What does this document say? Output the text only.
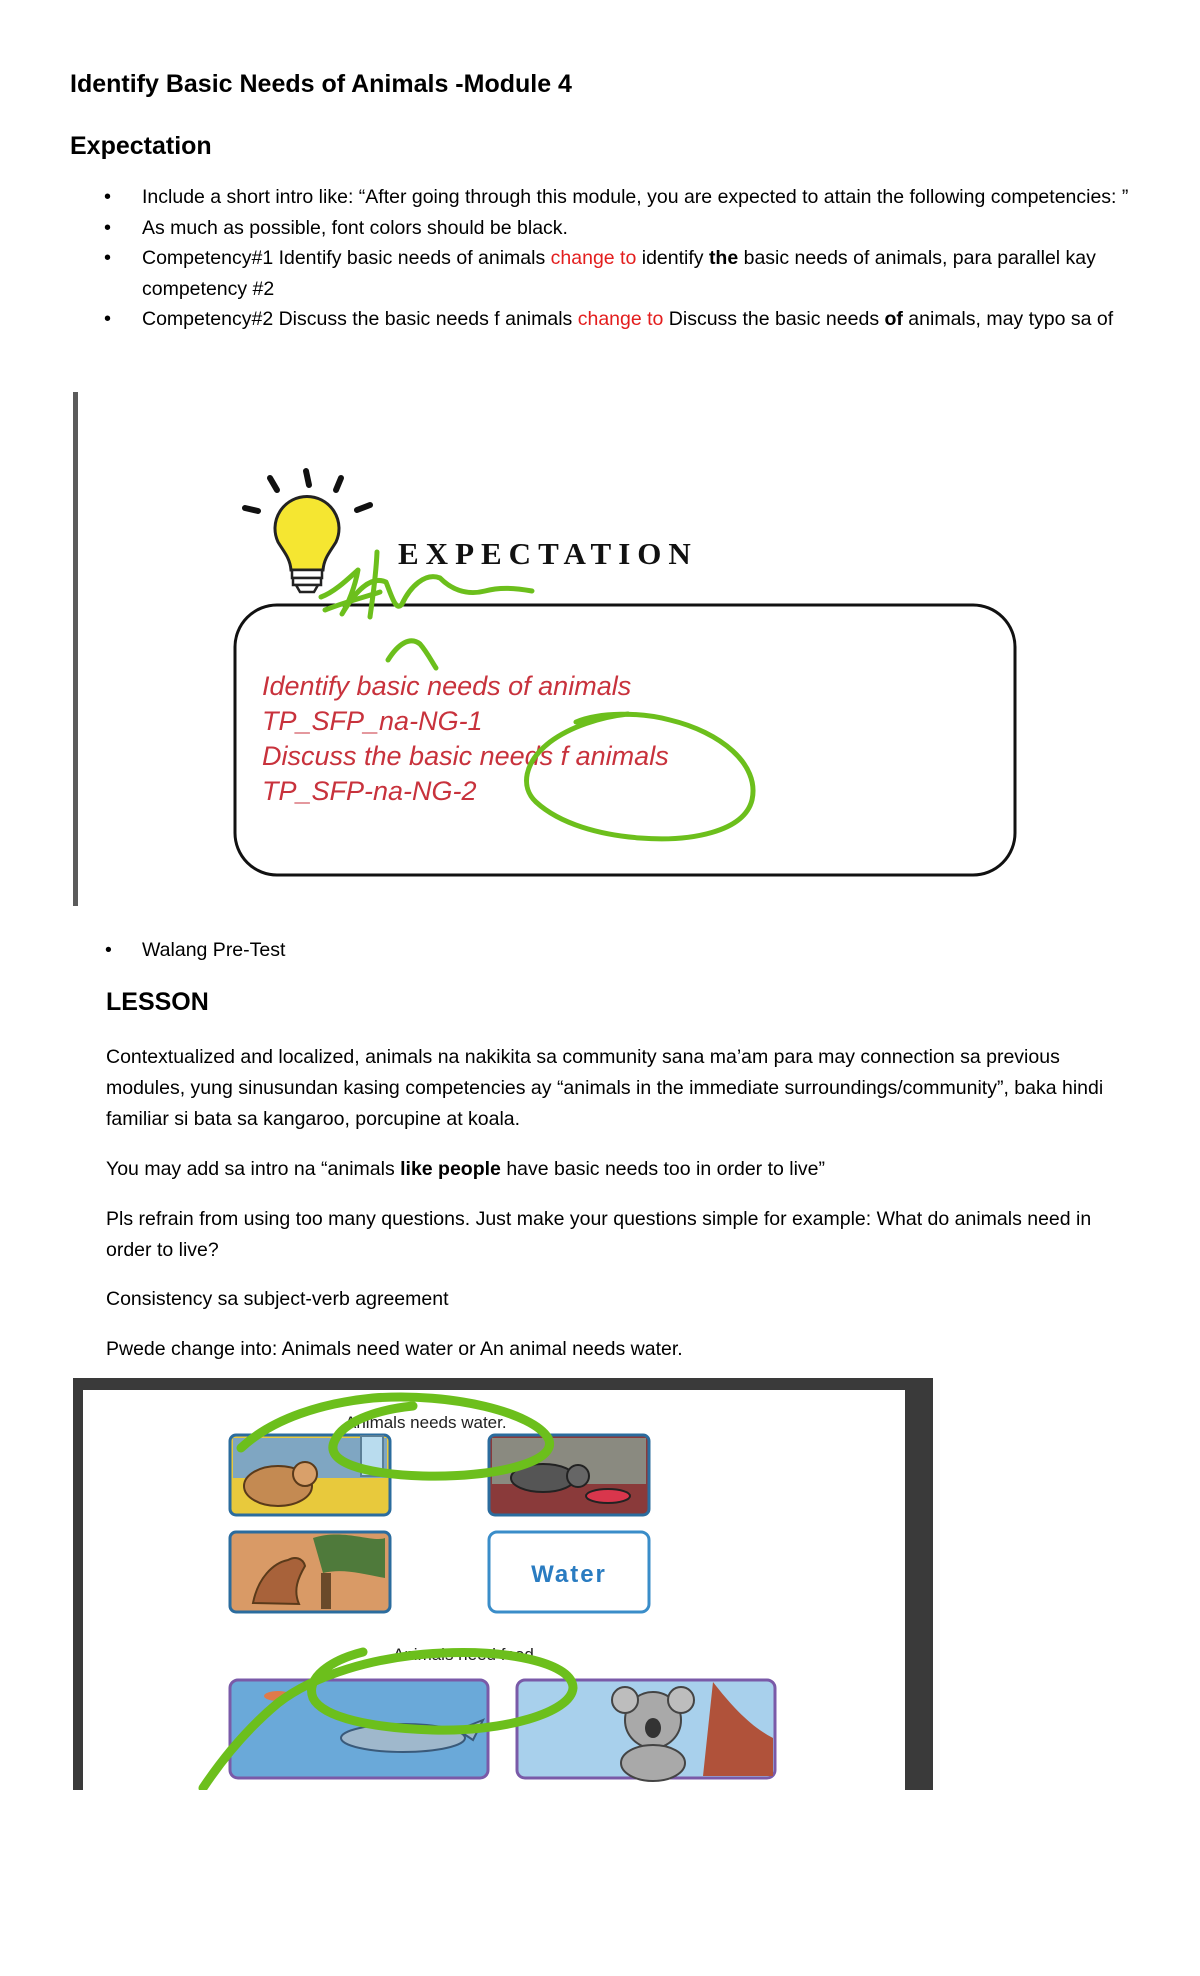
Identify Basic Needs of Animals -Module 4
Expectation
• Include a short intro like: “After going through this module, you are expected to attain the following competencies: ”
• As much as possible, font colors should be black.
• Competency#1 Identify basic needs of animals change to identify the basic needs of animals, para parallel kay competency #2
• Competency#2 Discuss the basic needs f animals change to Discuss the basic needs of animals, may typo sa of
EXPECTATION
Identify basic needs of animals
TP_SFP_na-NG-1
Discuss the basic needs f animals
TP_SFP-na-NG-2
• Walang Pre-Test
LESSON

Contextualized and localized, animals na nakikita sa community sana ma’am para may connection sa previous modules, yung sinusundan kasing competencies ay “animals in the immediate surroundings/community”, baka hindi familiar si bata sa kangaroo, porcupine at koala.

You may add sa intro na “animals like people have basic needs too in order to live”

Pls refrain from using too many questions. Just make your questions simple for example: What do animals need in order to live?

Consistency sa subject-verb agreement

Pwede change into: Animals need water or An animal needs water.

Animals needs water.
Water
Animals need food.
